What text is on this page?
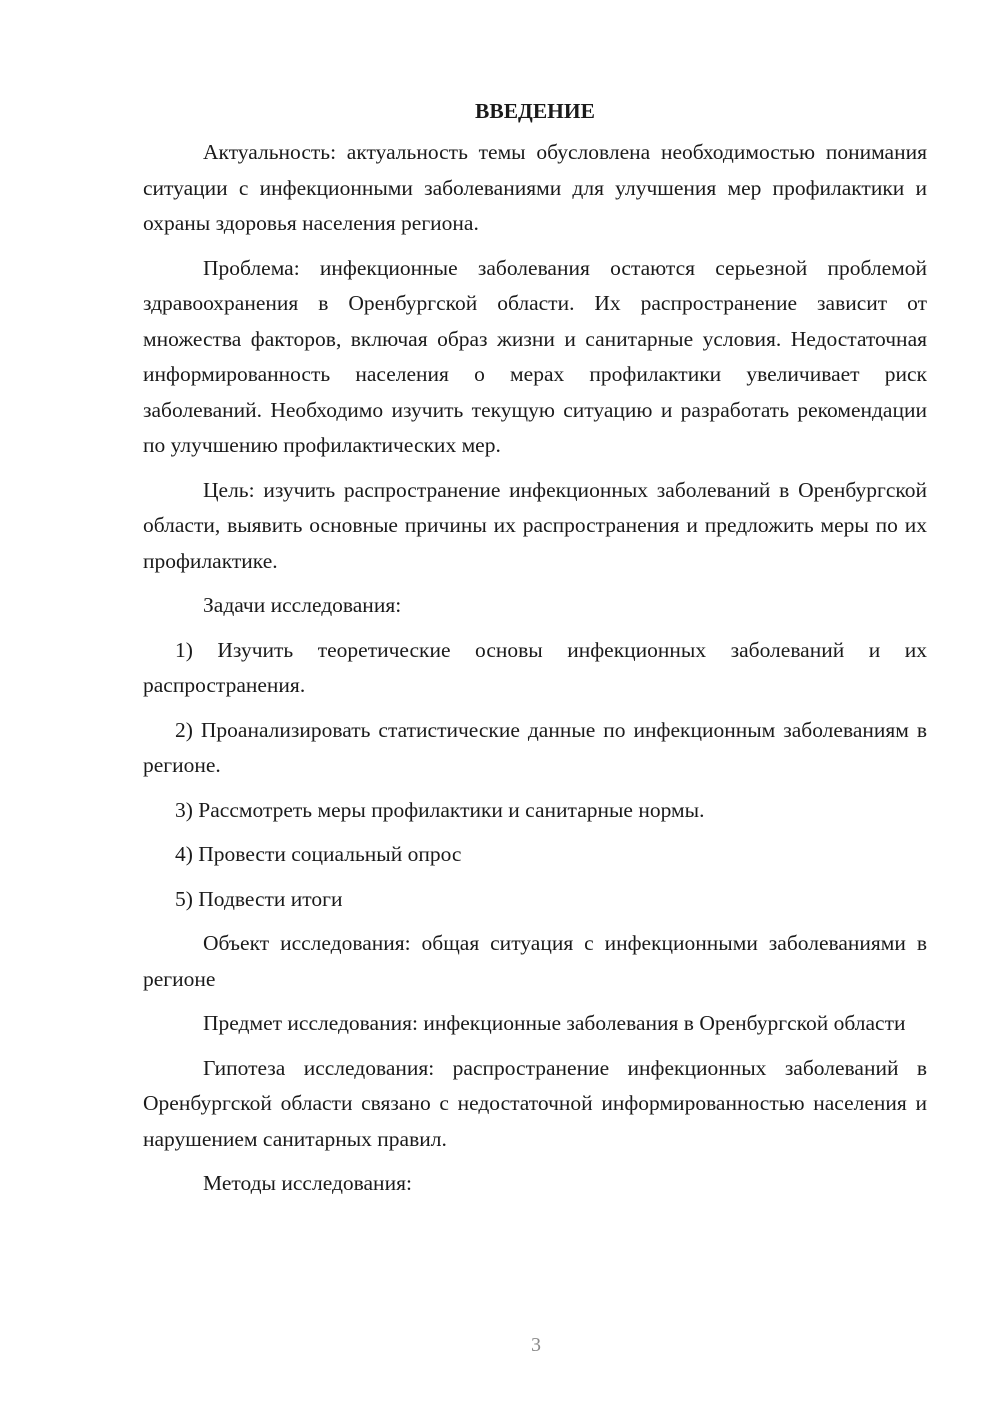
ВВЕДЕНИЕ
Актуальность: актуальность темы обусловлена необходимостью понимания ситуации с инфекционными заболеваниями для улучшения мер профилактики и охраны здоровья населения региона.
Проблема: инфекционные заболевания остаются серьезной проблемой здравоохранения в Оренбургской области. Их распространение зависит от множества факторов, включая образ жизни и санитарные условия. Недостаточная информированность населения о мерах профилактики увеличивает риск заболеваний. Необходимо изучить текущую ситуацию и разработать рекомендации по улучшению профилактических мер.
Цель: изучить распространение инфекционных заболеваний в Оренбургской области, выявить основные причины их распространения и предложить меры по их профилактике.
Задачи исследования:
1) Изучить теоретические основы инфекционных заболеваний и их распространения.
2) Проанализировать статистические данные по инфекционным заболеваниям в регионе.
3) Рассмотреть меры профилактики и санитарные нормы.
4) Провести социальный опрос
5) Подвести итоги
Объект исследования: общая ситуация с инфекционными заболеваниями в регионе
Предмет исследования: инфекционные заболевания в Оренбургской области
Гипотеза исследования: распространение инфекционных заболеваний в Оренбургской области связано с недостаточной информированностью населения и нарушением санитарных правил.
Методы исследования:
3
